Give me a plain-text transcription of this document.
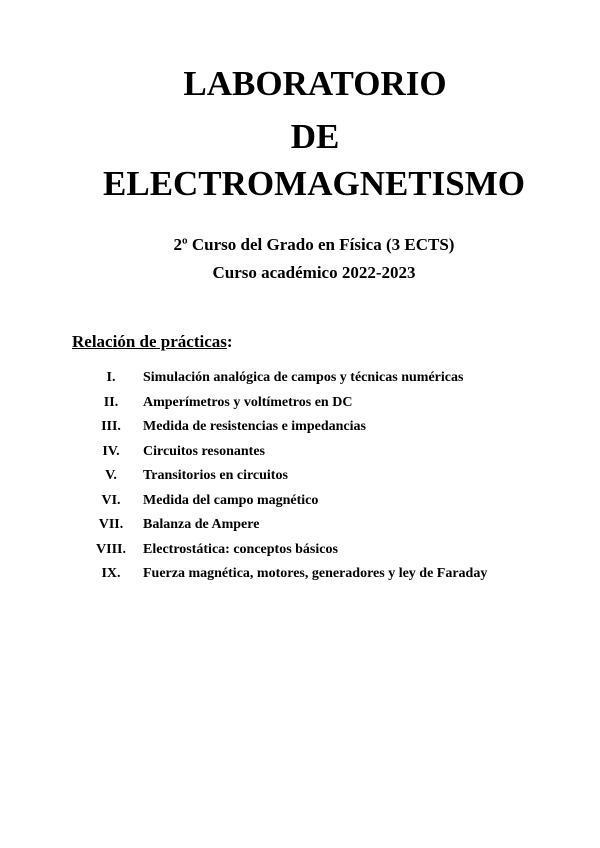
LABORATORIO
DE
ELECTROMAGNETISMO
2º Curso del Grado en Física (3 ECTS)
Curso académico 2022-2023
Relación de prácticas:
I.	Simulación analógica de campos y técnicas numéricas
II.	Amperímetros y voltímetros en DC
III.	Medida de resistencias e impedancias
IV.	Circuitos resonantes
V.	Transitorios en circuitos
VI.	Medida del campo magnético
VII.	Balanza de Ampere
VIII.	Electrostática: conceptos básicos
IX.	Fuerza magnética, motores, generadores y ley de Faraday
